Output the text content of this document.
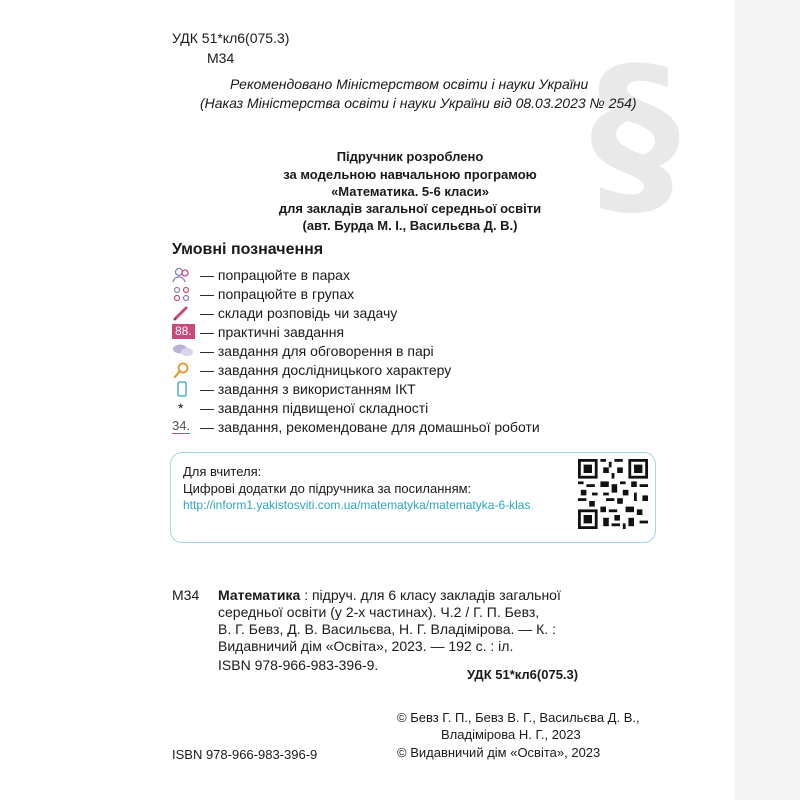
§
УДК 51*кл6(075.3)
М34
Рекомендовано Міністерством освіти і науки України
(Наказ Міністерства освіти і науки України від 08.03.2023 № 254)
Підручник розроблено
за модельною навчальною програмою
«Математика. 5-6 класи»
для закладів загальної середньої освіти
(авт. Бурда М. І., Васильєва Д. В.)
Умовні позначення
— попрацюйте в парах
— попрацюйте в групах
— склади розповідь чи задачу
88. — практичні завдання
— завдання для обговорення в парі
— завдання дослідницького характеру
— завдання з використанням ІКТ
* — завдання підвищеної складності
34. — завдання, рекомендоване для домашньої роботи
Для вчителя:
Цифрові додатки до підручника за посиланням:
http://inform1.yakistosviti.com.ua/matematyka/matematyka-6-klas
М34 Математика : підруч. для 6 класу закладів загальної
середньої освіти (у 2-х частинах). Ч.2 / Г. П. Бевз,
В. Г. Бевз, Д. В. Васильєва, Н. Г. Владімірова. — К. :
Видавничий дім «Освіта», 2023. — 192 с. : іл.
ISBN 978-966-983-396-9.
УДК 51*кл6(075.3)
© Бевз Г. П., Бевз В. Г., Васильєва Д. В.,
Владімірова Н. Г., 2023
© Видавничий дім «Освіта», 2023
ISBN 978-966-983-396-9
